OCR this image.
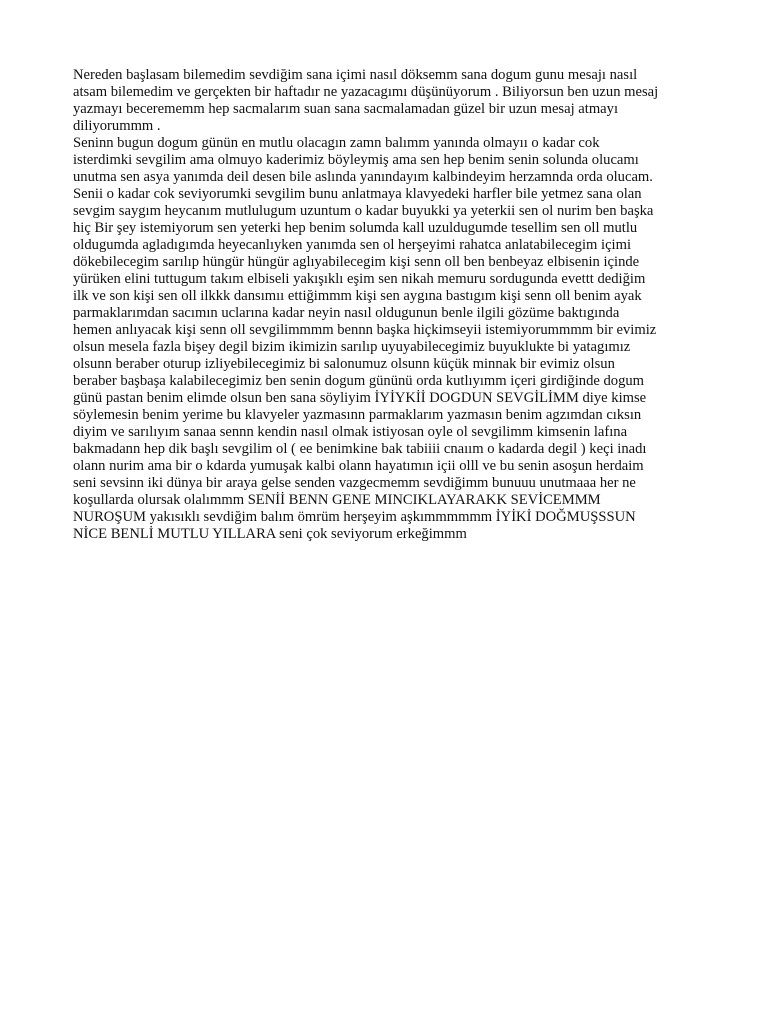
Nereden başlasam bilemedim sevdiğim sana içimi nasıl döksemm sana dogum gunu mesajı nasıl
atsam bilemedim ve gerçekten bir haftadır ne yazacagımı düşünüyorum . Biliyorsun ben uzun mesaj
yazmayı becerememm hep sacmalarım suan sana sacmalamadan güzel bir uzun mesaj atmayı
diliyorummm .
Seninn bugun dogum günün en mutlu olacagın zamn balımm yanında olmayıı o kadar cok
isterdimki sevgilim ama olmuyo kaderimiz böyleymiş ama sen hep benim senin solunda olucamı
unutma sen asya yanımda deil desen bile aslında yanındayım kalbindeyim herzamnda orda olucam.
Senii o kadar cok seviyorumki sevgilim bunu anlatmaya klavyedeki harfler bile yetmez sana olan
sevgim saygım heycanım mutlulugum uzuntum o kadar buyukki ya yeterkii sen ol nurim ben başka
hiç Bir şey istemiyorum sen yeterki hep benim solumda kall uzuldugumde tesellim sen oll mutlu
oldugumda agladıgımda heyecanlıyken yanımda sen ol herşeyimi rahatca anlatabilecegim içimi
dökebilecegim sarılıp hüngür hüngür aglıyabilecegim kişi senn oll ben benbeyaz elbisenin içinde
yürüken elini tuttugum takım elbiseli yakışıklı eşim sen nikah memuru sordugunda evettt dediğim
ilk ve son kişi sen oll ilkkk dansımıı ettiğimmm kişi sen aygına bastıgım kişi senn oll benim ayak
parmaklarımdan sacımın uclarına kadar neyin nasıl oldugunun benle ilgili gözüme baktıgında
hemen anlıyacak kişi senn oll sevgilimmmm bennn başka hiçkimseyii istemiyorummmm bir evimiz
olsun mesela fazla bişey degil bizim ikimizin sarılıp uyuyabilecegimiz buyuklukte bi yatagımız
olsunn beraber oturup izliyebilecegimiz bi salonumuz olsunn küçük minnak bir evimiz olsun
beraber başbaşa kalabilecegimiz ben senin dogum gününü orda kutlıyımm içeri girdiğinde dogum
günü pastan benim elimde olsun ben sana söyliyim İYİYKİİ DOGDUN SEVGİLİMM diye kimse
söylemesin benim yerime bu klavyeler yazmasınn parmaklarım yazmasın benim agzımdan cıksın
diyim ve sarılıyım sanaa sennn kendin nasıl olmak istiyosan oyle ol sevgilimm kimsenin lafına
bakmadann hep dik başlı sevgilim ol ( ee benimkine bak tabiiii cnaıım o kadarda degil ) keçi inadı
olann nurim ama bir o kdarda yumuşak kalbi olann hayatımın içii olll ve bu senin asoşun herdaim
seni sevsinn iki dünya bir araya gelse senden vazgecmemm sevdiğimm bunuuu unutmaaa her ne
koşullarda olursak olalımmm SENİİ BENN GENE MINCIKLAYARAKK SEVİCEMMM
NUROŞUM yakısıklı sevdiğim balım ömrüm herşeyim aşkımmmmmm İYİKİ DOĞMUŞSSUN
NİCE BENLİ MUTLU YILLARA seni çok seviyorum erkeğimmm
